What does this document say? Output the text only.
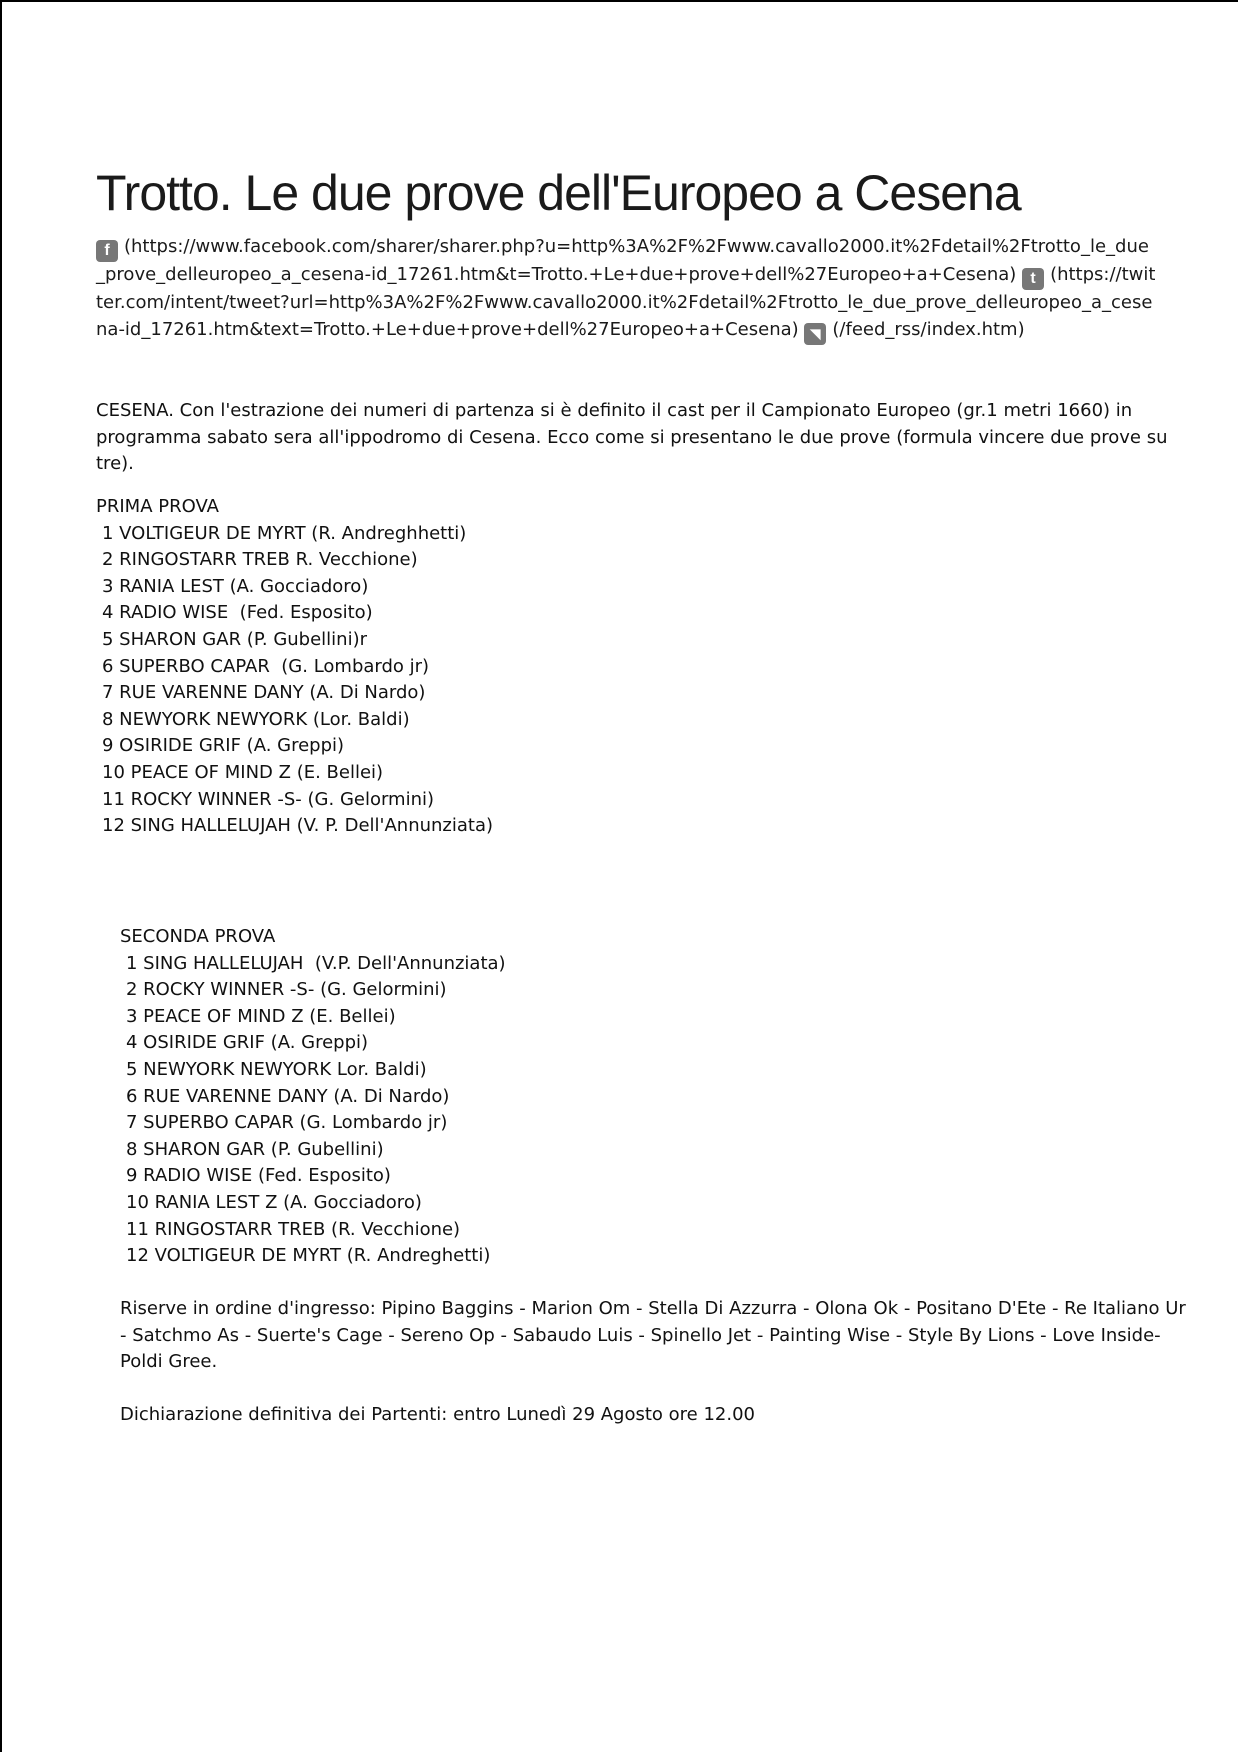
Trotto. Le due prove dell'Europeo a Cesena
f (https://www.facebook.com/sharer/sharer.php?u=http%3A%2F%2Fwww.cavallo2000.it%2Fdetail%2Ftrotto_le_due_prove_delleuropeo_a_cesena-id_17261.htm&t=Trotto.+Le+due+prove+dell%27Europeo+a+Cesena) t (https://twitter.com/intent/tweet?url=http%3A%2F%2Fwww.cavallo2000.it%2Fdetail%2Ftrotto_le_due_prove_delleuropeo_a_cesena-id_17261.htm&text=Trotto.+Le+due+prove+dell%27Europeo+a+Cesena) ◥ (/feed_rss/index.htm)
CESENA. Con l'estrazione dei numeri di partenza si è definito il cast per il Campionato Europeo (gr.1 metri 1660) in programma sabato sera all'ippodromo di Cesena. Ecco come si presentano le due prove (formula vincere due prove su tre).
PRIMA PROVA
1 VOLTIGEUR DE MYRT (R. Andreghhetti)
2 RINGOSTARR TREB R. Vecchione)
3 RANIA LEST (A. Gocciadoro)
4 RADIO WISE  (Fed. Esposito)
5 SHARON GAR (P. Gubellini)r
6 SUPERBO CAPAR  (G. Lombardo jr)
7 RUE VARENNE DANY (A. Di Nardo)
8 NEWYORK NEWYORK (Lor. Baldi)
9 OSIRIDE GRIF (A. Greppi)
10 PEACE OF MIND Z (E. Bellei)
11 ROCKY WINNER -S- (G. Gelormini)
12 SING HALLELUJAH (V. P. Dell'Annunziata)
SECONDA PROVA
1 SING HALLELUJAH  (V.P. Dell'Annunziata)
2 ROCKY WINNER -S- (G. Gelormini)
3 PEACE OF MIND Z (E. Bellei)
4 OSIRIDE GRIF (A. Greppi)
5 NEWYORK NEWYORK Lor. Baldi)
6 RUE VARENNE DANY (A. Di Nardo)
7 SUPERBO CAPAR (G. Lombardo jr)
8 SHARON GAR (P. Gubellini)
9 RADIO WISE (Fed. Esposito)
10 RANIA LEST Z (A. Gocciadoro)
11 RINGOSTARR TREB (R. Vecchione)
12 VOLTIGEUR DE MYRT (R. Andreghetti)
Riserve in ordine d'ingresso: Pipino Baggins - Marion Om - Stella Di Azzurra - Olona Ok - Positano D'Ete - Re Italiano Ur - Satchmo As - Suerte's Cage - Sereno Op - Sabaudo Luis - Spinello Jet - Painting Wise - Style By Lions - Love Inside- Poldi Gree.
Dichiarazione definitiva dei Partenti: entro Lunedì 29 Agosto ore 12.00
